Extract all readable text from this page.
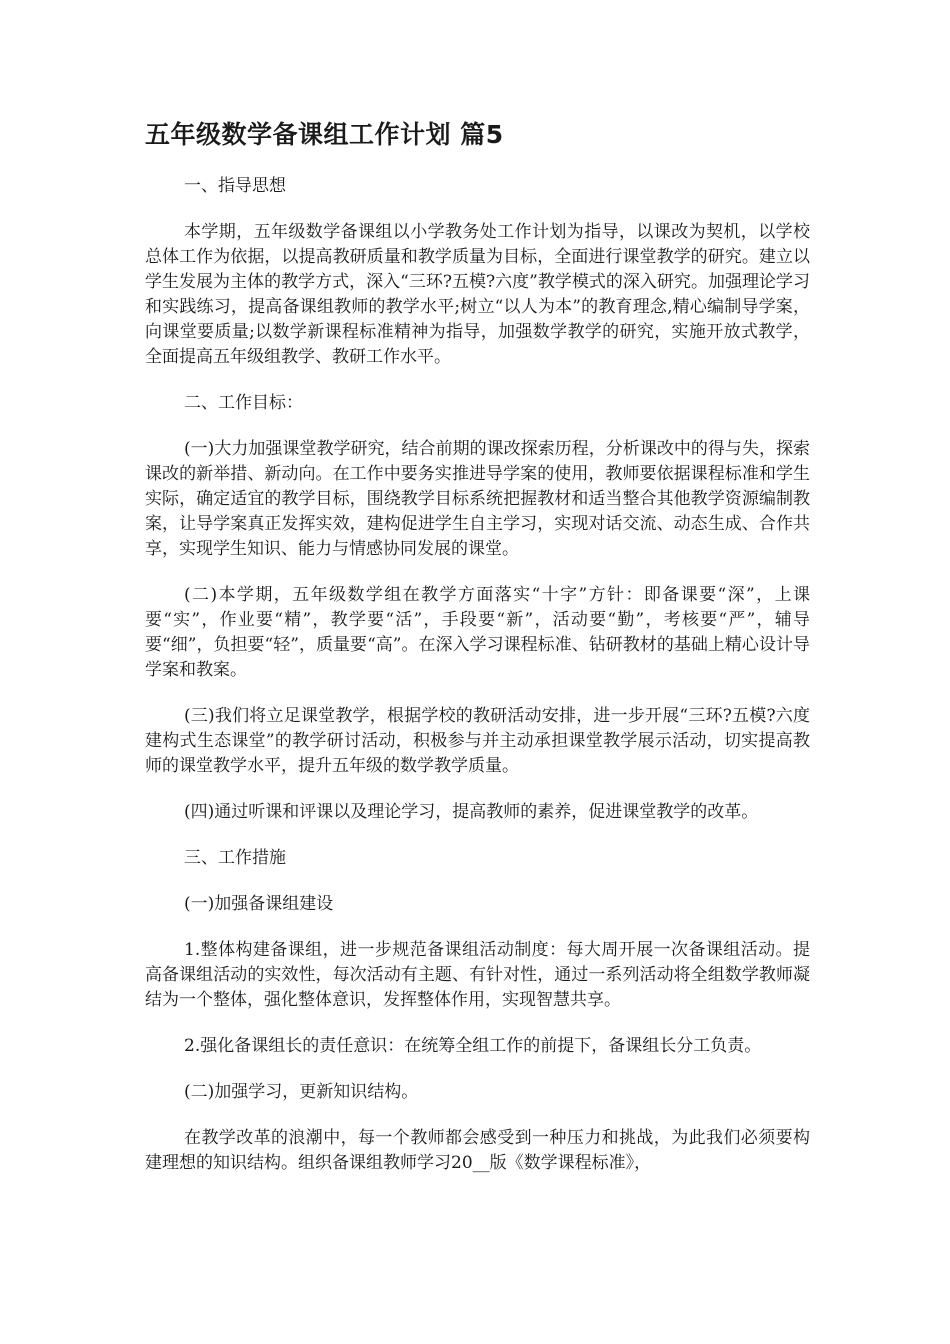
五年级数学备课组工作计划 篇5
一、指导思想
本学期，五年级数学备课组以小学教务处工作计划为指导，以课改为契机，以学校总体工作为依据，以提高教研质量和教学质量为目标，全面进行课堂教学的研究。建立以学生发展为主体的教学方式，深入“三环?五模?六度”教学模式的深入研究。加强理论学习和实践练习，提高备课组教师的教学水平;树立“以人为本”的教育理念,精心编制导学案，向课堂要质量;以数学新课程标准精神为指导，加强数学教学的研究，实施开放式教学，全面提高五年级组教学、教研工作水平。
二、工作目标：
(一)大力加强课堂教学研究，结合前期的课改探索历程，分析课改中的得与失，探索课改的新举措、新动向。在工作中要务实推进导学案的使用，教师要依据课程标准和学生实际，确定适宜的教学目标，围绕教学目标系统把握教材和适当整合其他教学资源编制教案，让导学案真正发挥实效，建构促进学生自主学习，实现对话交流、动态生成、合作共享，实现学生知识、能力与情感协同发展的课堂。
(二)本学期，五年级数学组在教学方面落实“十字”方针：即备课要“深”，上课要“实”，作业要“精”，教学要“活”，手段要“新”，活动要“勤”，考核要“严”，辅导要“细”，负担要“轻”，质量要“高”。在深入学习课程标准、钻研教材的基础上精心设计导学案和教案。
(三)我们将立足课堂教学，根据学校的教研活动安排，进一步开展“三环?五模?六度建构式生态课堂”的教学研讨活动，积极参与并主动承担课堂教学展示活动，切实提高教师的课堂教学水平，提升五年级的数学教学质量。
(四)通过听课和评课以及理论学习，提高教师的素养，促进课堂教学的改革。
三、工作措施
(一)加强备课组建设
1.整体构建备课组，进一步规范备课组活动制度：每大周开展一次备课组活动。提高备课组活动的实效性，每次活动有主题、有针对性，通过一系列活动将全组数学教师凝结为一个整体，强化整体意识，发挥整体作用，实现智慧共享。
2.强化备课组长的责任意识：在统筹全组工作的前提下，备课组长分工负责。
(二)加强学习，更新知识结构。
在教学改革的浪潮中，每一个教师都会感受到一种压力和挑战，为此我们必须要构建理想的知识结构。组织备课组教师学习20__版《数学课程标准》，
